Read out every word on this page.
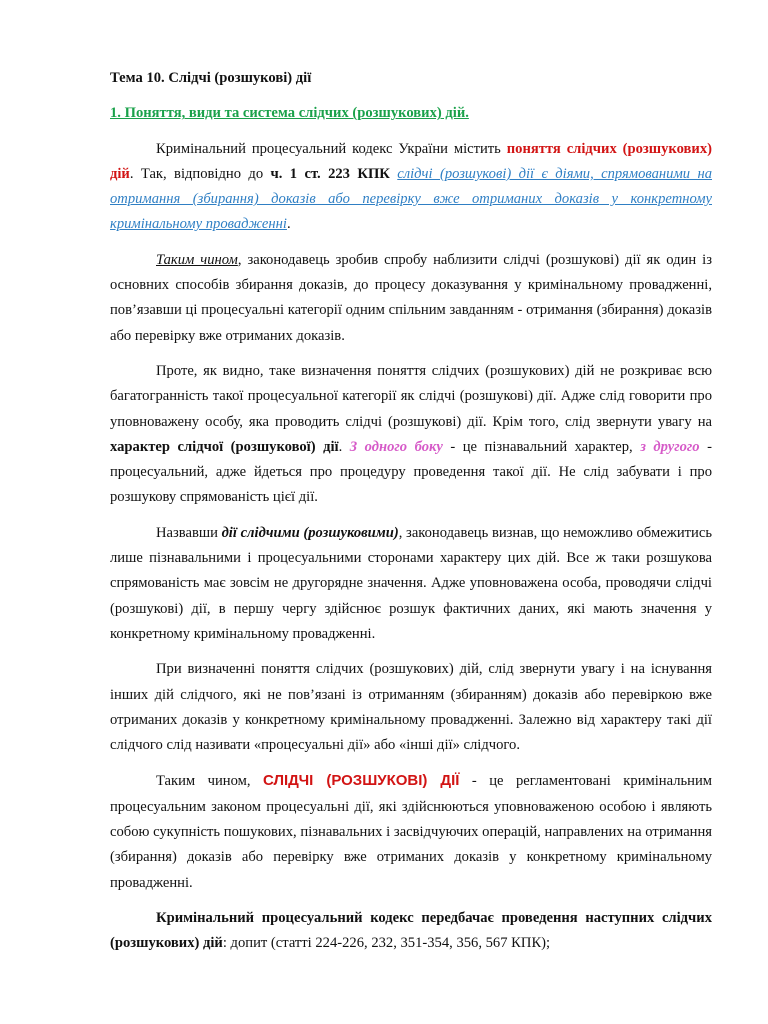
Тема 10. Слідчі (розшукові) дії

1. Поняття, види та система слідчих (розшукових) дій.

Кримінальний процесуальний кодекс України містить поняття слідчих (розшукових) дій. Так, відповідно до ч. 1 ст. 223 КПК слідчі (розшукові) дії є діями, спрямованими на отримання (збирання) доказів або перевірку вже отриманих доказів у конкретному кримінальному провадженні.

Таким чином, законодавець зробив спробу наблизити слідчі (розшукові) дії як один із основних способів збирання доказів, до процесу доказування у кримінальному провадженні, пов’язавши ці процесуальні категорії одним спільним завданням - отримання (збирання) доказів або перевірку вже отриманих доказів.

Проте, як видно, таке визначення поняття слідчих (розшукових) дій не розкриває всю багатогранність такої процесуальної категорії як слідчі (розшукові) дії. Адже слід говорити про уповноважену особу, яка проводить слідчі (розшукові) дії. Крім того, слід звернути увагу на характер слідчої (розшукової) дії. З одного боку - це пізнавальний характер, з другого - процесуальний, адже йдеться про процедуру проведення такої дії. Не слід забувати і про розшукову спрямованість цієї дії.

Назвавши дії слідчими (розшуковими), законодавець визнав, що неможливо обмежитись лише пізнавальними і процесуальними сторонами характеру цих дій. Все ж таки розшукова спрямованість має зовсім не другорядне значення. Адже уповноважена особа, проводячи слідчі (розшукові) дії, в першу чергу здійснює розшук фактичних даних, які мають значення у конкретному кримінальному провадженні.

При визначенні поняття слідчих (розшукових) дій, слід звернути увагу і на існування інших дій слідчого, які не пов’язані із отриманням (збиранням) доказів або перевіркою вже отриманих доказів у конкретному кримінальному провадженні. Залежно від характеру такі дії слідчого слід називати «процесуальні дії» або «інші дії» слідчого.

Таким чином, СЛІДЧІ (РОЗШУКОВІ) ДІЇ - це регламентовані кримінальним процесуальним законом процесуальні дії, які здійснюються уповноваженою особою і являють собою сукупність пошукових, пізнавальних і засвідчуючих операцій, направлених на отримання (збирання) доказів або перевірку вже отриманих доказів у конкретному кримінальному провадженні.

Кримінальний процесуальний кодекс передбачає проведення наступних слідчих (розшукових) дій: допит (статті 224-226, 232, 351-354, 356, 567 КПК);
